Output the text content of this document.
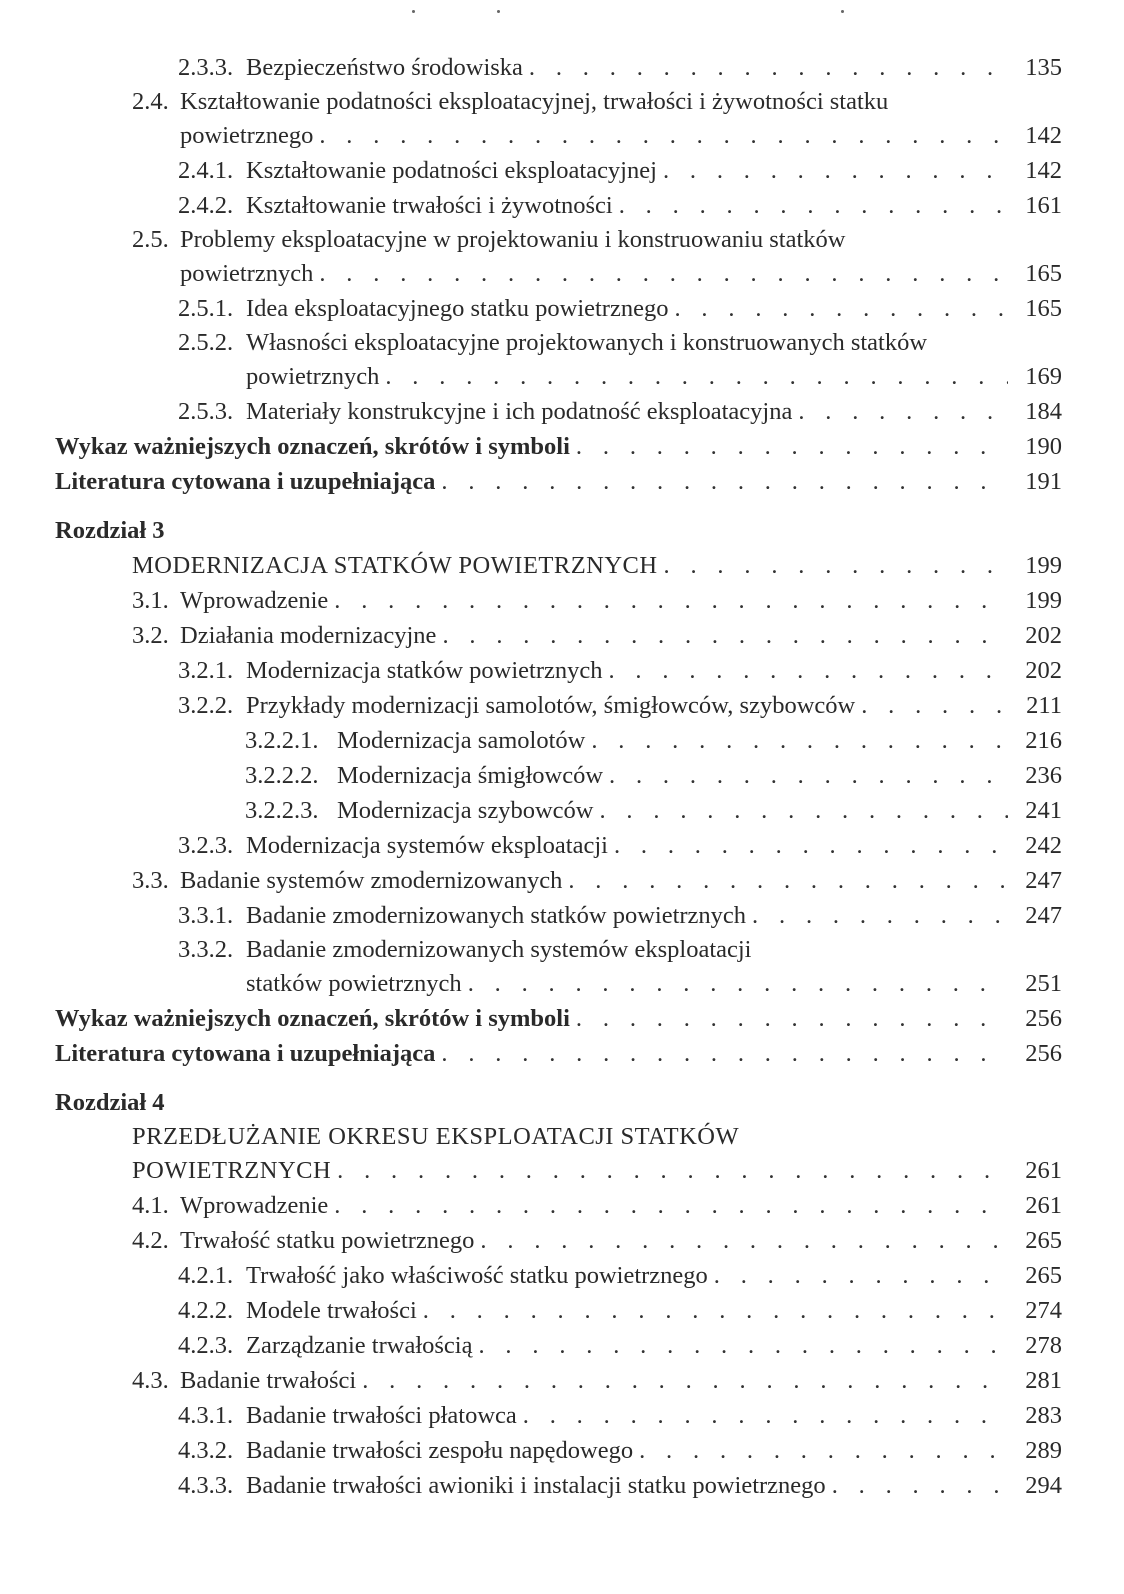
2.3.3. Bezpieczeństwo środowiska . . .	135
2.4. Kształtowanie podatności eksploatacyjnej, trwałości i żywotności statku
powietrznego . . .	142
2.4.1. Kształtowanie podatności eksploatacyjnej . . .	142
2.4.2. Kształtowanie trwałości i żywotności . . .	161
2.5. Problemy eksploatacyjne w projektowaniu i konstruowaniu statków
powietrznych . . .	165
2.5.1. Idea eksploatacyjnego statku powietrznego . . .	165
2.5.2. Własności eksploatacyjne projektowanych i konstruowanych statków
powietrznych . . .	169
2.5.3. Materiały konstrukcyjne i ich podatność eksploatacyjna . . .	184
Wykaz ważniejszych oznaczeń, skrótów i symboli . . .	190
Literatura cytowana i uzupełniająca . . .	191
Rozdział 3
MODERNIZACJA STATKÓW POWIETRZNYCH . . .	199
3.1. Wprowadzenie . . .	199
3.2. Działania modernizacyjne . . .	202
3.2.1. Modernizacja statków powietrznych . . .	202
3.2.2. Przykłady modernizacji samolotów, śmigłowców, szybowców . . .	211
3.2.2.1. Modernizacja samolotów . . .	216
3.2.2.2. Modernizacja śmigłowców . . .	236
3.2.2.3. Modernizacja szybowców . . .	241
3.2.3. Modernizacja systemów eksploatacji . . .	242
3.3. Badanie systemów zmodernizowanych . . .	247
3.3.1. Badanie zmodernizowanych statków powietrznych . . .	247
3.3.2. Badanie zmodernizowanych systemów eksploatacji
statków powietrznych . . .	251
Wykaz ważniejszych oznaczeń, skrótów i symboli . . .	256
Literatura cytowana i uzupełniająca . . .	256
Rozdział 4
PRZEDŁUŻANIE OKRESU EKSPLOATACJI STATKÓW
POWIETRZNYCH . . .	261
4.1. Wprowadzenie . . .	261
4.2. Trwałość statku powietrznego . . .	265
4.2.1. Trwałość jako właściwość statku powietrznego . . .	265
4.2.2. Modele trwałości . . .	274
4.2.3. Zarządzanie trwałością . . .	278
4.3. Badanie trwałości . . .	281
4.3.1. Badanie trwałości płatowca . . .	283
4.3.2. Badanie trwałości zespołu napędowego . . .	289
4.3.3. Badanie trwałości awioniki i instalacji statku powietrznego . . .	294
